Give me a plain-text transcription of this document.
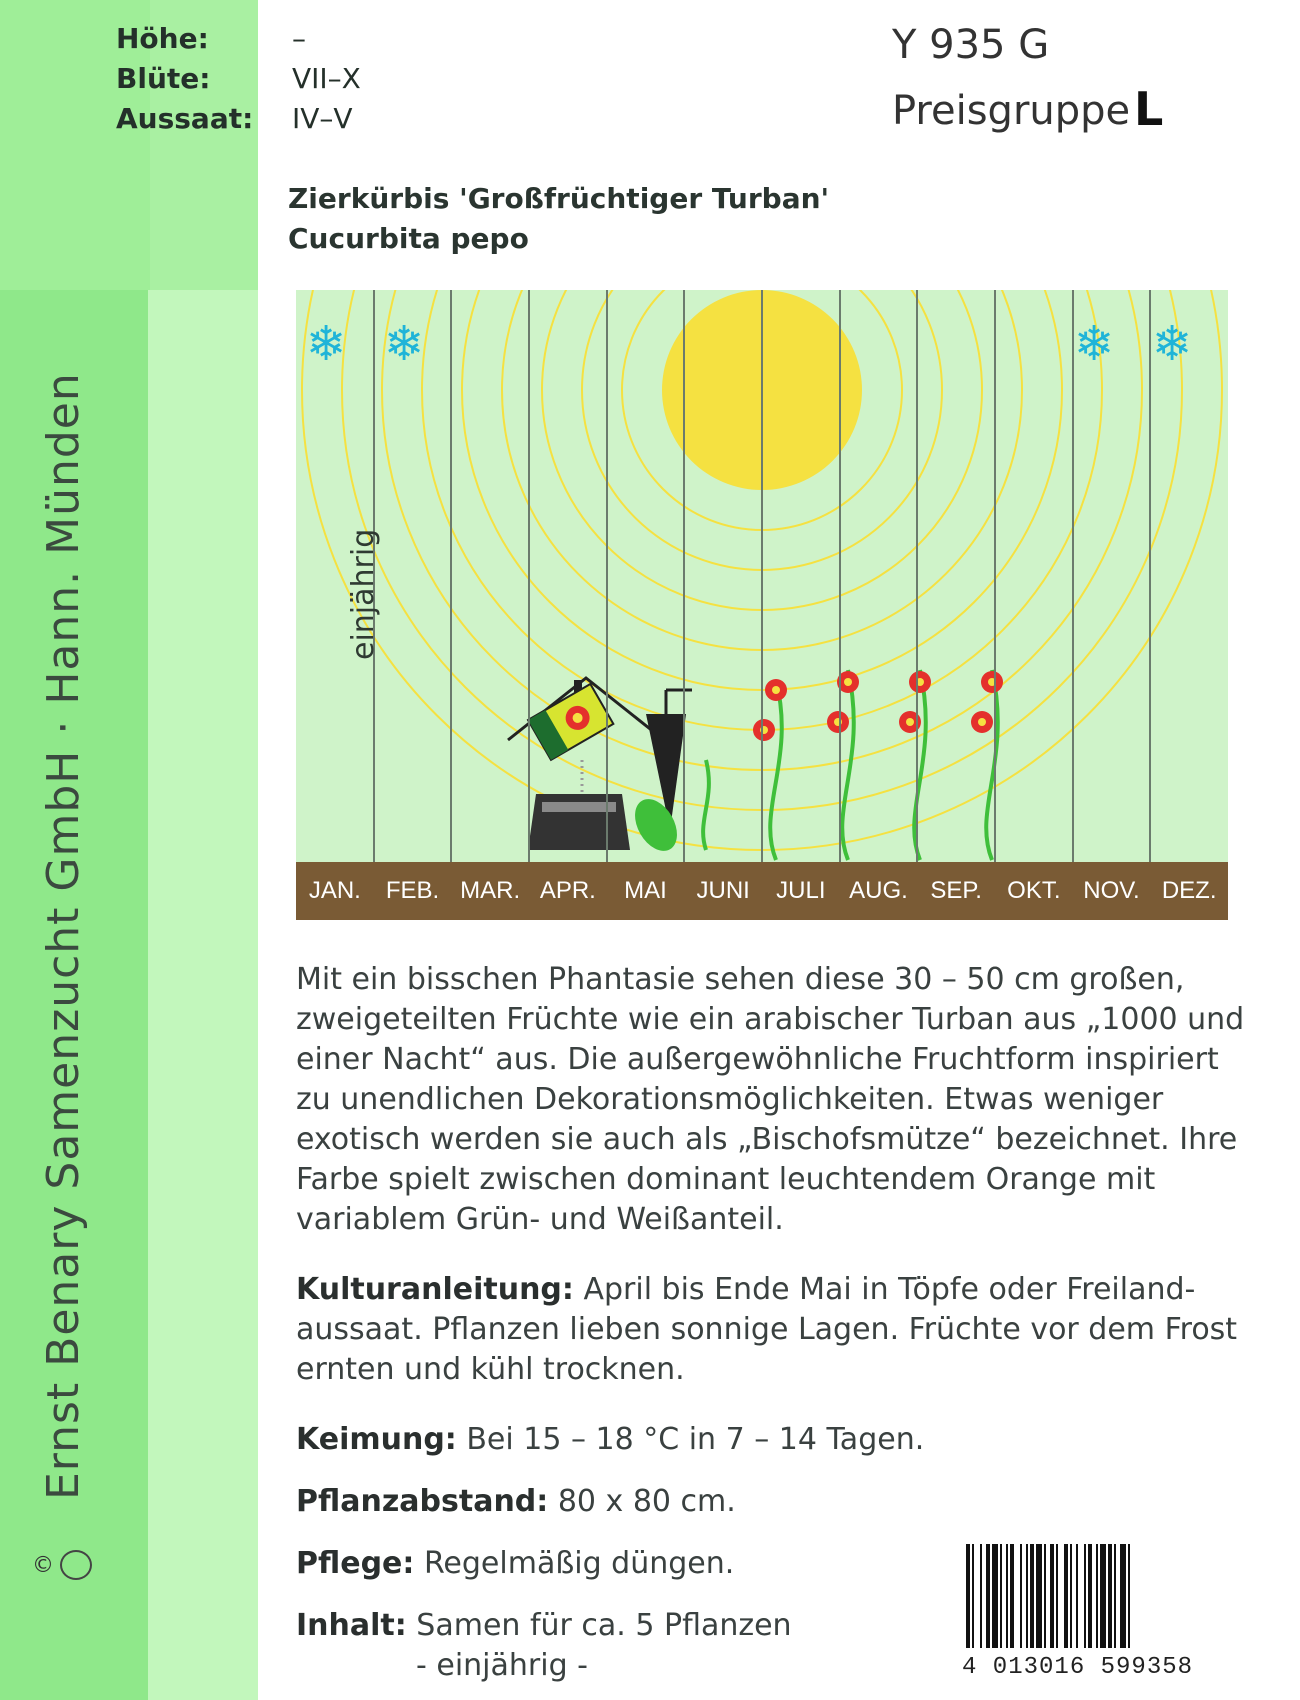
Höhe:	–
Blüte:	VII–X
Aussaat: IV–V
Y 935 G
Preisgruppe L
Zierkürbis 'Großfrüchtiger Turban'
Cucurbita pepo
Ernst Benary Samenzucht GmbH · Hann. Münden
©
❄ ❄	❄ ❄
JAN.	FEB. MAR. APR.	MAI	JUNI	JULI AUG. SEP.	OKT. NOV. DEZ.
einjährig
Mit ein bisschen Phantasie sehen diese 30 – 50 cm großen,
zweigeteilten Früchte wie ein arabischer Turban aus „1000 und
einer Nacht“ aus. Die außergewöhnliche Fruchtform inspiriert
zu unendlichen Dekorationsmöglichkeiten. Etwas weniger
exotisch werden sie auch als „Bischofsmütze“ bezeichnet. Ihre
Farbe spielt zwischen dominant leuchtendem Orange mit
variablem Grün- und Weißanteil.
Kulturanleitung: April bis Ende Mai in Töpfe oder Freiland-
aussaat. Pflanzen lieben sonnige Lagen. Früchte vor dem Frost
ernten und kühl trocknen.
Keimung: Bei 15 – 18 °C in 7 – 14 Tagen.
Pflanzabstand: 80 x 80 cm.
Pflege: Regelmäßig düngen.
Inhalt: Samen für ca. 5 Pflanzen
- einjährig -	4 013016 599358
